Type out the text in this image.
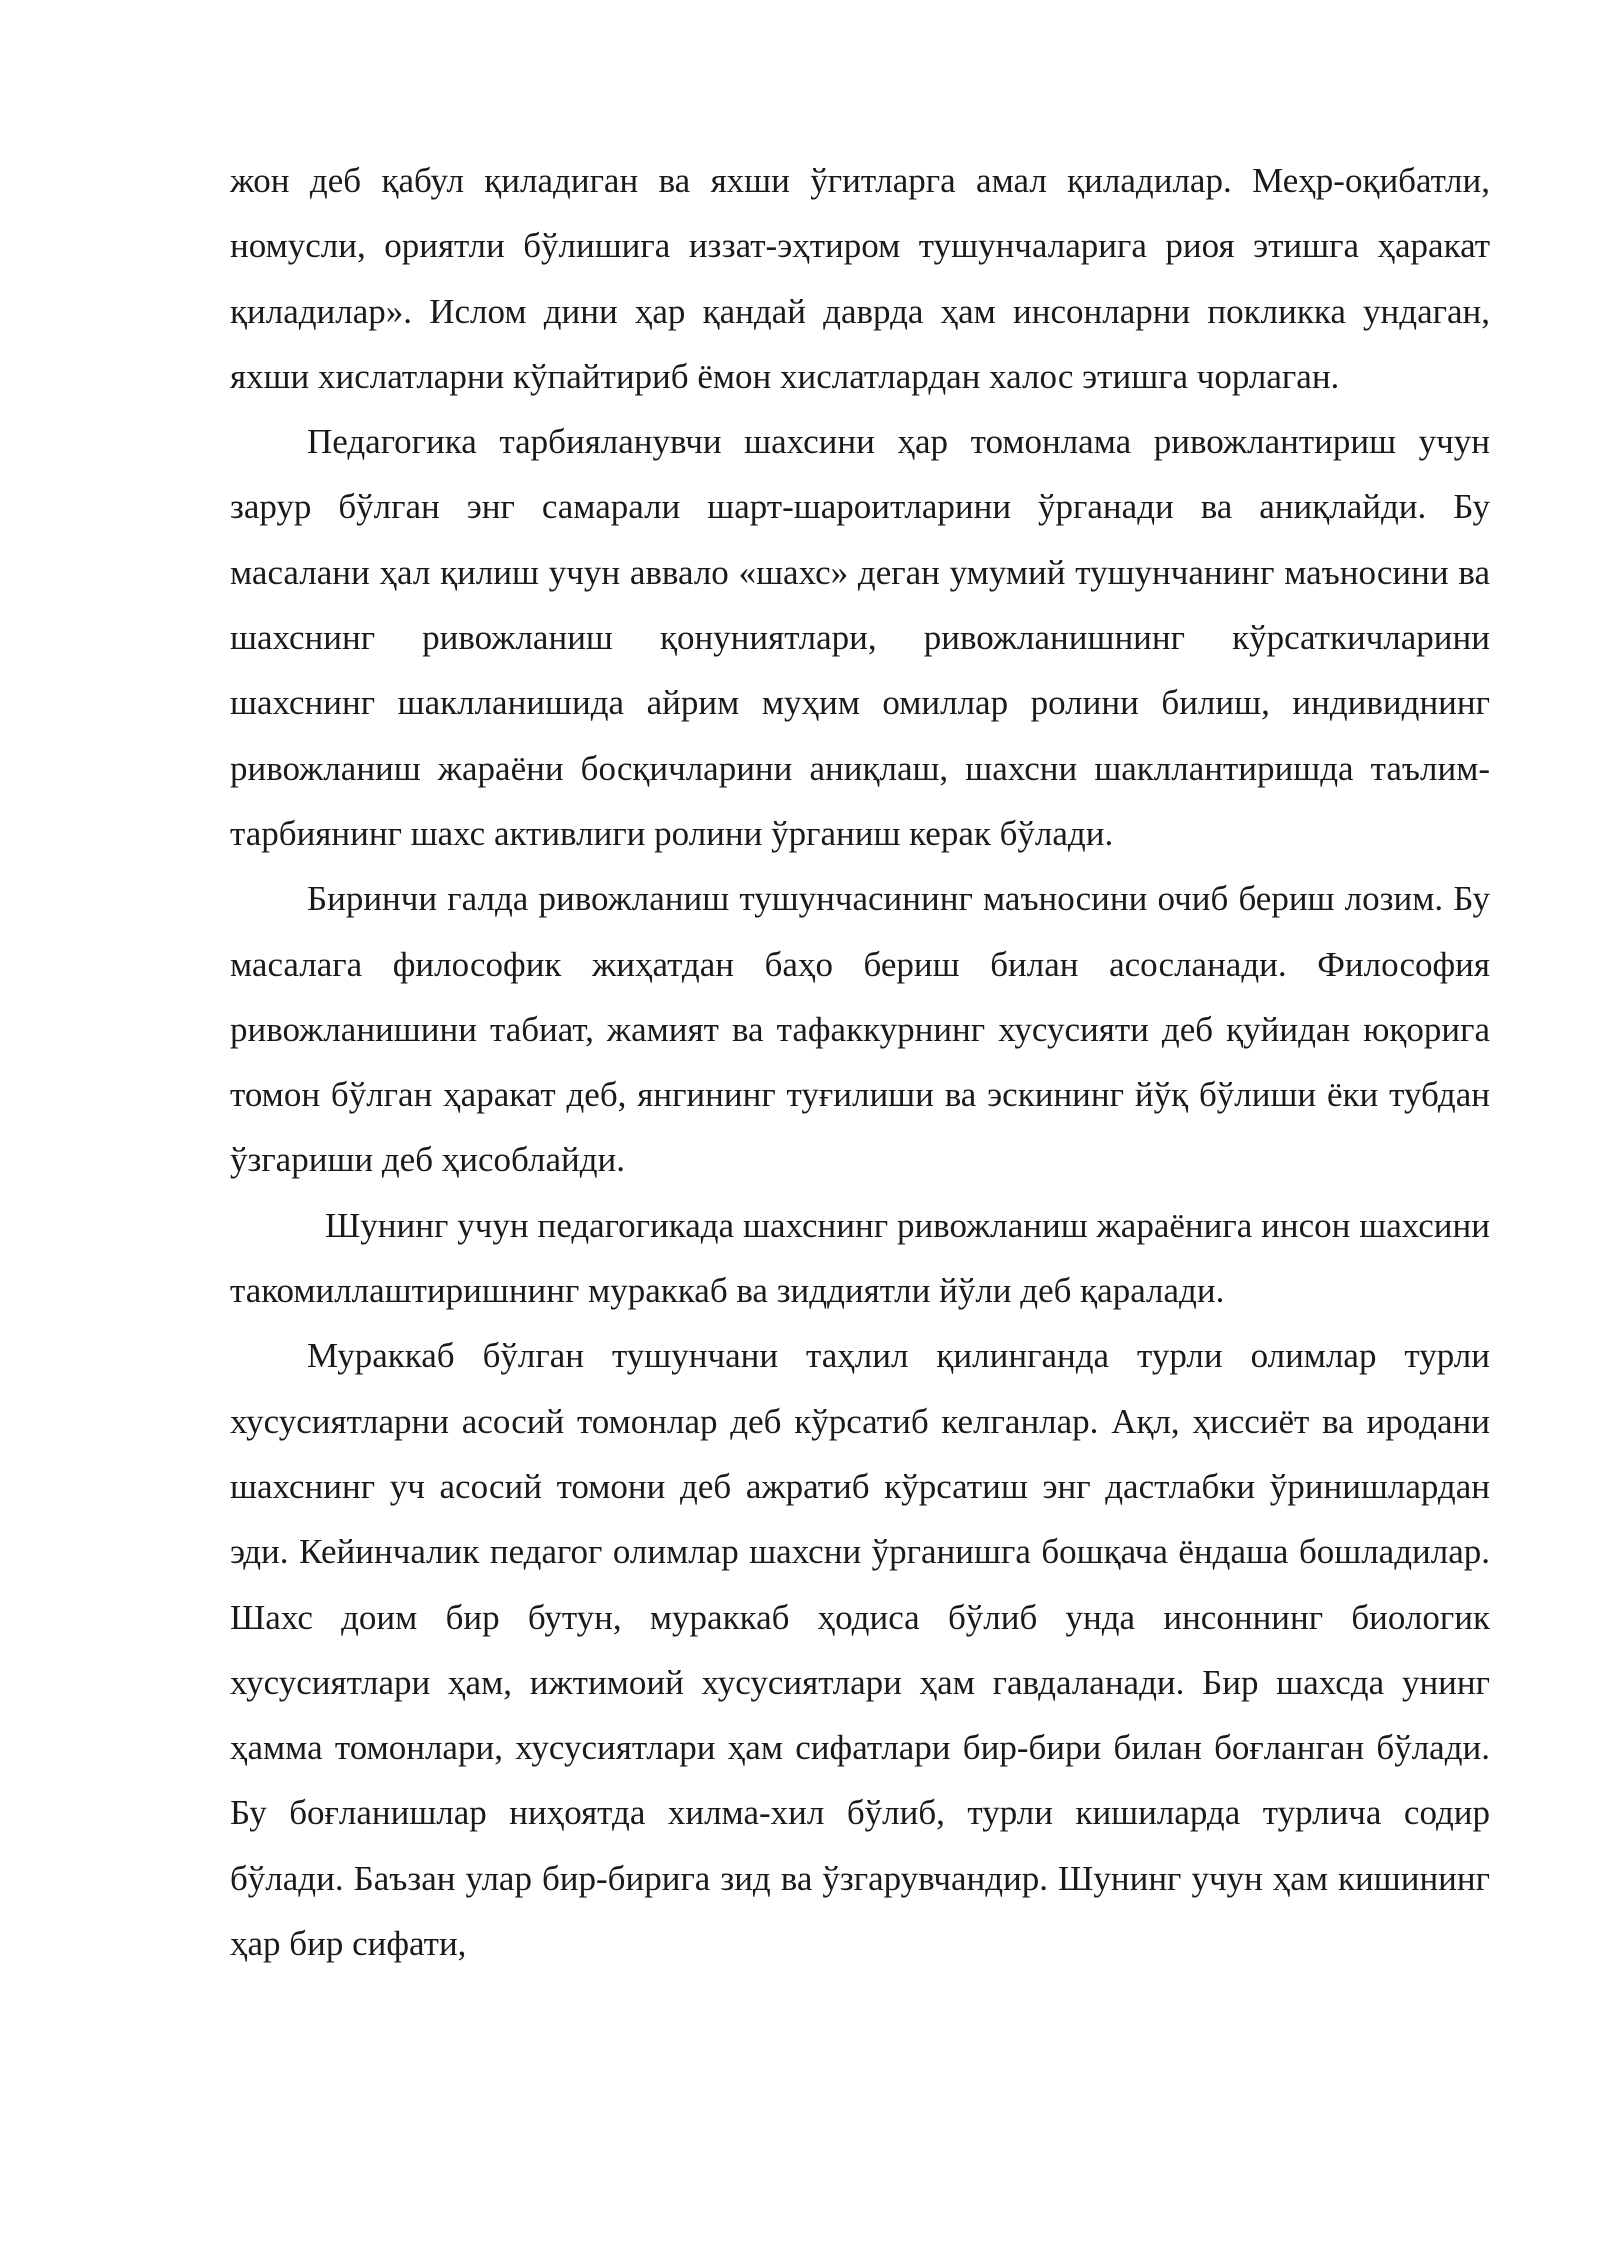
жон деб қабул қиладиган ва яхши ўгитларга амал қиладилар. Меҳр-оқибатли, номусли, ориятли бўлишига иззат-эҳтиром тушунчаларига риоя этишга ҳаракат қиладилар». Ислом дини ҳар қандай даврда ҳам инсонларни покликка ундаган, яхши хислатларни кўпайтириб ёмон хислатлардан халос этишга чорлаган.

Педагогика тарбияланувчи шахсини ҳар томонлама ривожлантириш учун зарур бўлган энг самарали шарт-шароитларини ўрганади ва аниқлайди. Бу масалани ҳал қилиш учун аввало «шахс» деган умумий тушунчанинг маъносини ва шахснинг ривожланиш қонуниятлари, ривожланишнинг кўрсаткичларини шахснинг шаклланишида айрим муҳим омиллар ролини билиш, индивиднинг ривожланиш жараёни босқичларини аниқлаш, шахсни шакллантиришда таълим-тарбиянинг шахс активлиги ролини ўрганиш керак бўлади.

Биринчи галда ривожланиш тушунчасининг маъносини очиб бериш лозим. Бу масалага философик жиҳатдан баҳо бериш билан асосланади. Философия ривожланишини табиат, жамият ва тафаккурнинг хусусияти деб қуйидан юқорига томон бўлган ҳаракат деб, янгининг туғилиши ва эскининг йўқ бўлиши ёки тубдан ўзгариши деб ҳисоблайди.

Шунинг учун педагогикада шахснинг ривожланиш жараёнига инсон шахсини такомиллаштиришнинг мураккаб ва зиддиятли йўли деб қаралади.

Мураккаб бўлган тушунчани таҳлил қилинганда турли олимлар турли хусусиятларни асосий томонлар деб кўрсатиб келганлар. Ақл, ҳиссиёт ва иродани шахснинг уч асосий томони деб ажратиб кўрсатиш энг дастлабки ўринишлардан эди. Кейинчалик педагог олимлар шахсни ўрганишга бошқача ёндаша бошладилар. Шахс доим бир бутун, мураккаб ҳодиса бўлиб унда инсоннинг биологик хусусиятлари ҳам, ижтимоий хусусиятлари ҳам гавдаланади. Бир шахсда унинг ҳамма томонлари, хусусиятлари ҳам сифатлари бир-бири билан боғланган бўлади. Бу боғланишлар ниҳоятда хилма-хил бўлиб, турли кишиларда турлича содир бўлади. Баъзан улар бир-бирига зид ва ўзгарувчандир. Шунинг учун ҳам кишининг ҳар бир сифати,
